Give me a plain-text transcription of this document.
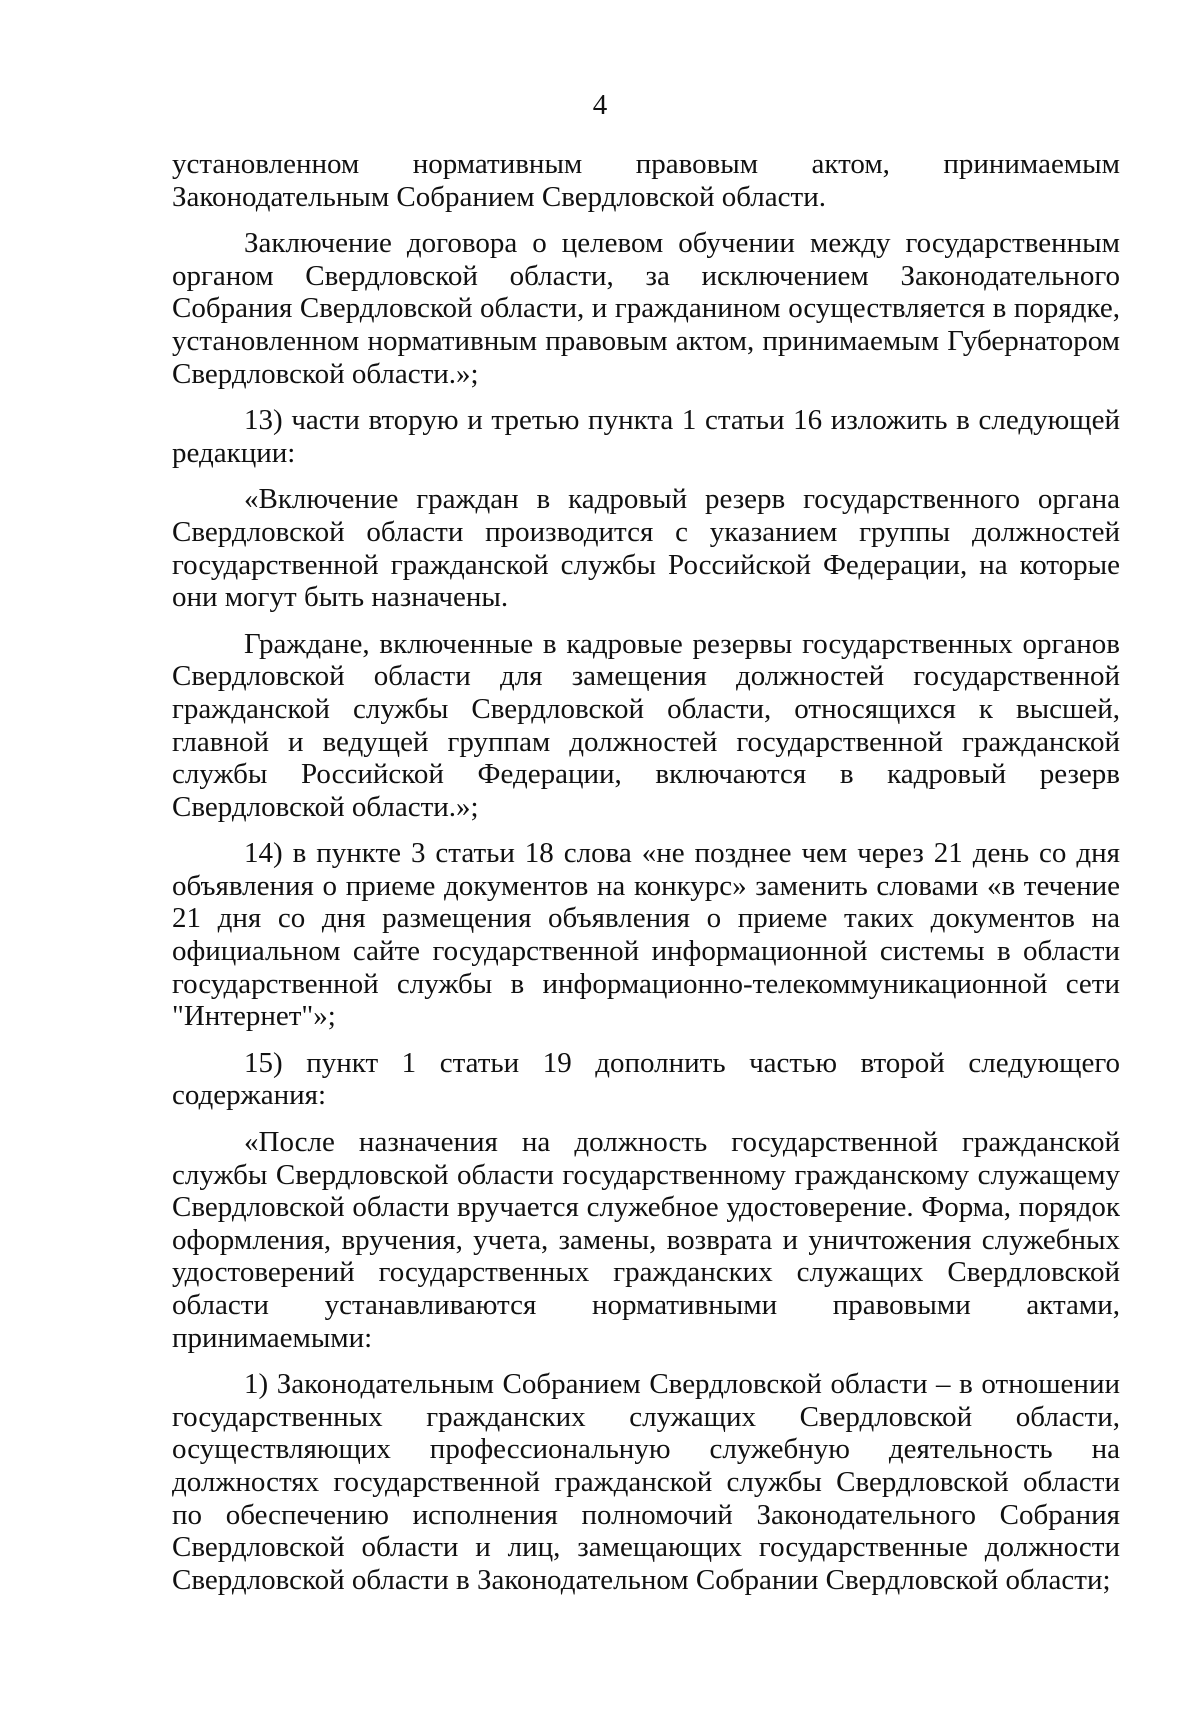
4

установленном нормативным правовым актом, принимаемым Законодательным Собранием Свердловской области.

Заключение договора о целевом обучении между государственным органом Свердловской области, за исключением Законодательного Собрания Свердловской области, и гражданином осуществляется в порядке, установленном нормативным правовым актом, принимаемым Губернатором Свердловской области.»;

13) части вторую и третью пункта 1 статьи 16 изложить в следующей редакции:

«Включение граждан в кадровый резерв государственного органа Свердловской области производится с указанием группы должностей государственной гражданской службы Российской Федерации, на которые они могут быть назначены.

Граждане, включенные в кадровые резервы государственных органов Свердловской области для замещения должностей государственной гражданской службы Свердловской области, относящихся к высшей, главной и ведущей группам должностей государственной гражданской службы Российской Федерации, включаются в кадровый резерв Свердловской области.»;

14) в пункте 3 статьи 18 слова «не позднее чем через 21 день со дня объявления о приеме документов на конкурс» заменить словами «в течение 21 дня со дня размещения объявления о приеме таких документов на официальном сайте государственной информационной системы в области государственной службы в информационно-телекоммуникационной сети "Интернет"»;

15) пункт 1 статьи 19 дополнить частью второй следующего содержания:

«После назначения на должность государственной гражданской службы Свердловской области государственному гражданскому служащему Свердловской области вручается служебное удостоверение. Форма, порядок оформления, вручения, учета, замены, возврата и уничтожения служебных удостоверений государственных гражданских служащих Свердловской области устанавливаются нормативными правовыми актами, принимаемыми:

1) Законодательным Собранием Свердловской области – в отношении государственных гражданских служащих Свердловской области, осуществляющих профессиональную служебную деятельность на должностях государственной гражданской службы Свердловской области по обеспечению исполнения полномочий Законодательного Собрания Свердловской области и лиц, замещающих государственные должности Свердловской области в Законодательном Собрании Свердловской области;
